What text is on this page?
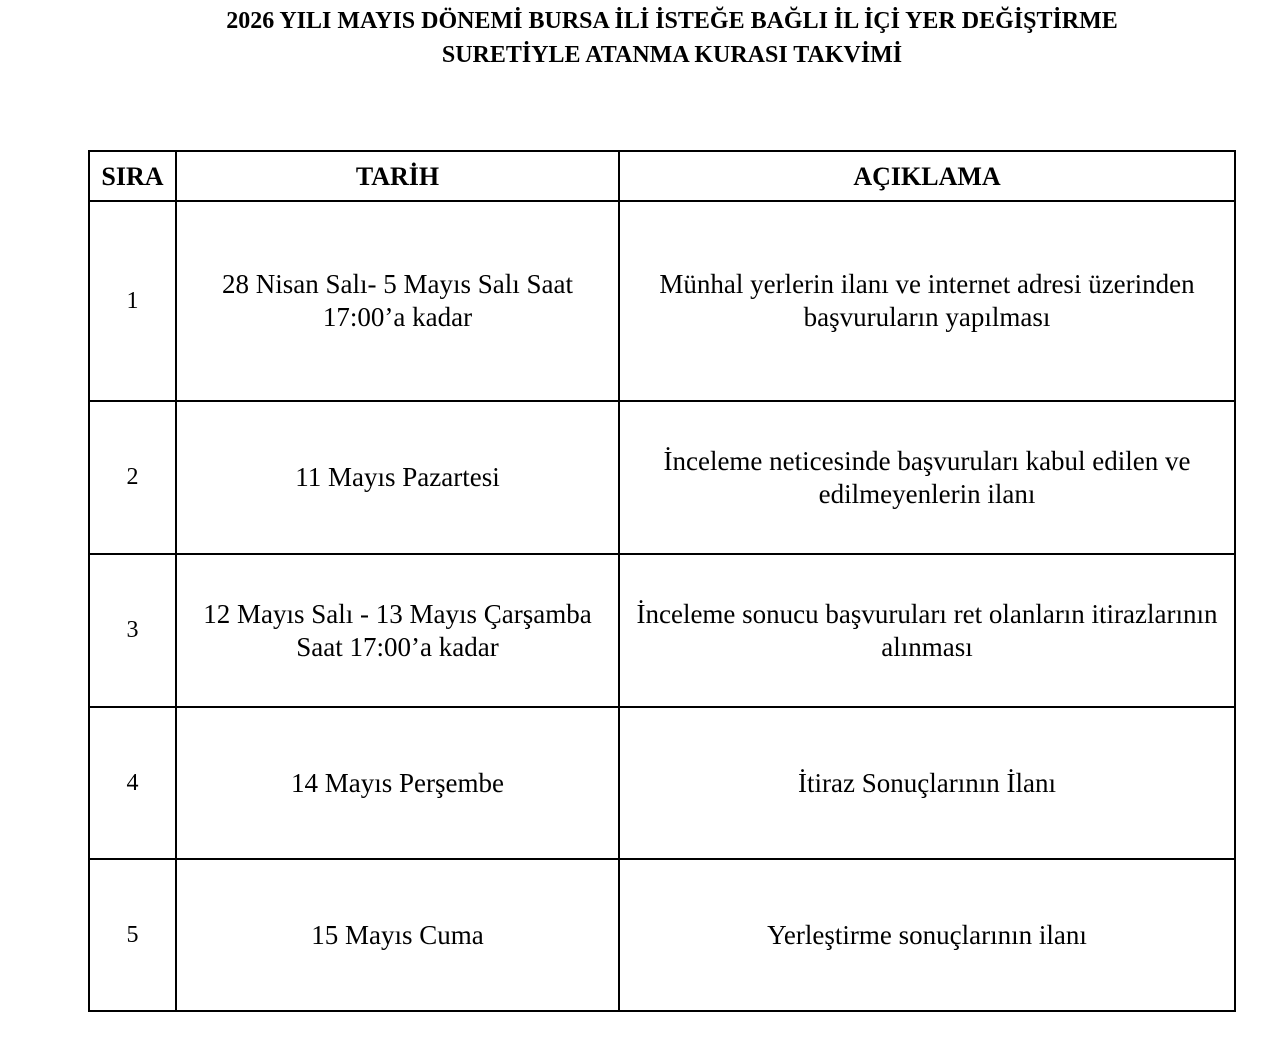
2026 YILI MAYIS DÖNEMİ BURSA İLİ İSTEĞE BAĞLI İL İÇİ YER DEĞİŞTİRME
SURETİYLE ATANMA KURASI TAKVİMİ
SIRA	TARİH	AÇIKLAMA
1	28 Nisan Salı- 5 Mayıs Salı Saat 17:00’a kadar	Münhal yerlerin ilanı ve internet adresi üzerinden başvuruların yapılması
2	11 Mayıs Pazartesi	İnceleme neticesinde başvuruları kabul edilen ve edilmeyenlerin ilanı
3	12 Mayıs Salı - 13 Mayıs Çarşamba Saat 17:00’a kadar	İnceleme sonucu başvuruları ret olanların itirazlarının alınması
4	14 Mayıs Perşembe	İtiraz Sonuçlarının İlanı
5	15 Mayıs Cuma	Yerleştirme sonuçlarının ilanı
